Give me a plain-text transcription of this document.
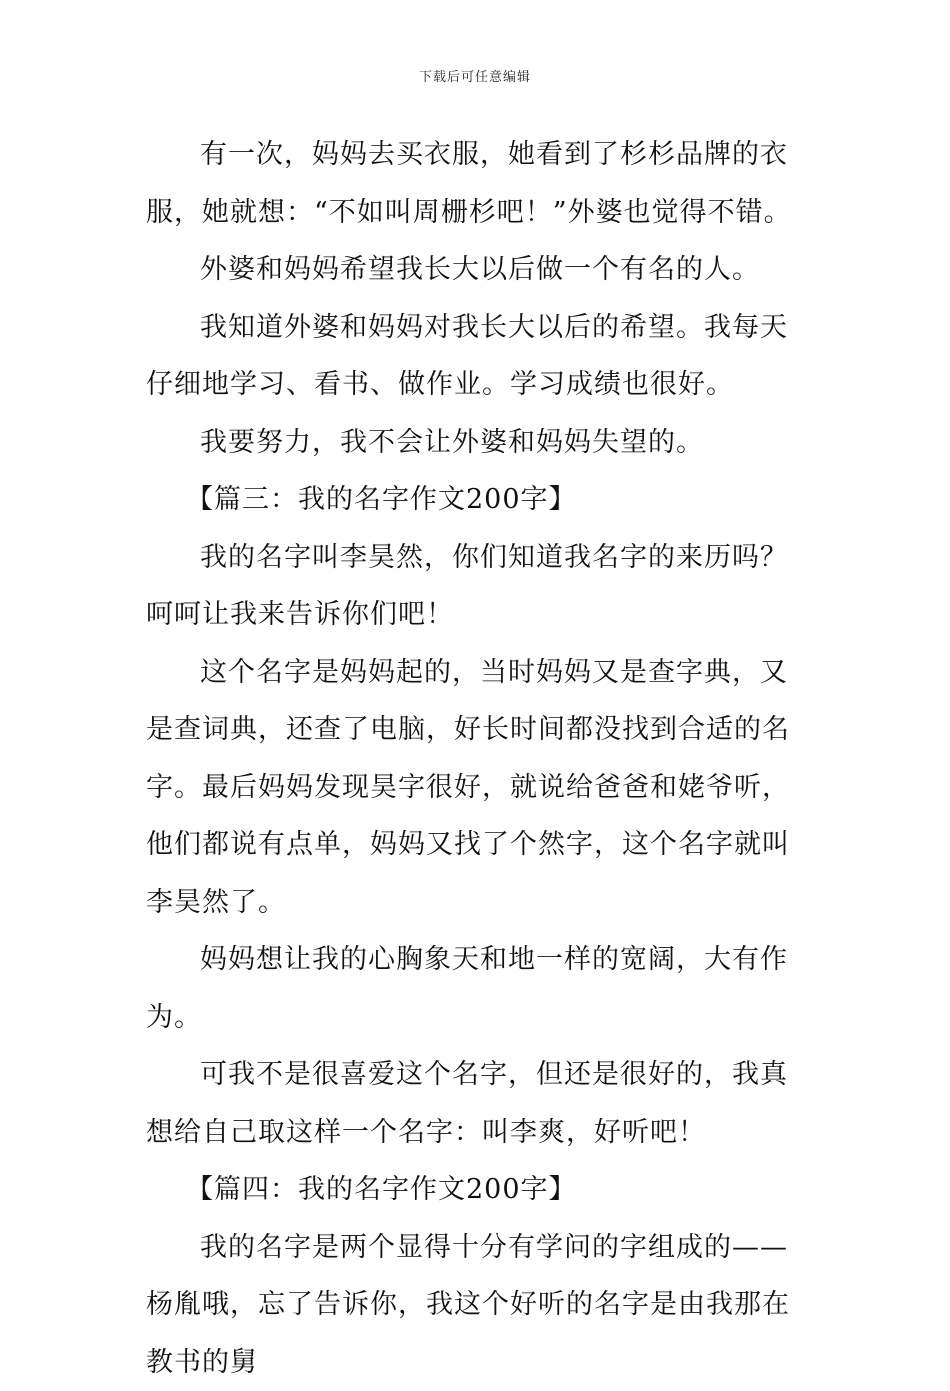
下载后可任意编辑

有一次，妈妈去买衣服，她看到了杉杉品牌的衣服，她就想：“不如叫周栅杉吧！”外婆也觉得不错。

外婆和妈妈希望我长大以后做一个有名的人。

我知道外婆和妈妈对我长大以后的希望。我每天仔细地学习、看书、做作业。学习成绩也很好。

我要努力，我不会让外婆和妈妈失望的。

【篇三：我的名字作文200字】

我的名字叫李昊然，你们知道我名字的来历吗？呵呵让我来告诉你们吧！

这个名字是妈妈起的，当时妈妈又是查字典，又是查词典，还查了电脑，好长时间都没找到合适的名字。最后妈妈发现昊字很好，就说给爸爸和姥爷听，他们都说有点单，妈妈又找了个然字，这个名字就叫李昊然了。

妈妈想让我的心胸象天和地一样的宽阔，大有作为。

可我不是很喜爱这个名字，但还是很好的，我真想给自己取这样一个名字：叫李爽，好听吧！

【篇四：我的名字作文200字】

我的名字是两个显得十分有学问的字组成的——杨胤哦，忘了告诉你，我这个好听的名字是由我那在教书的舅
